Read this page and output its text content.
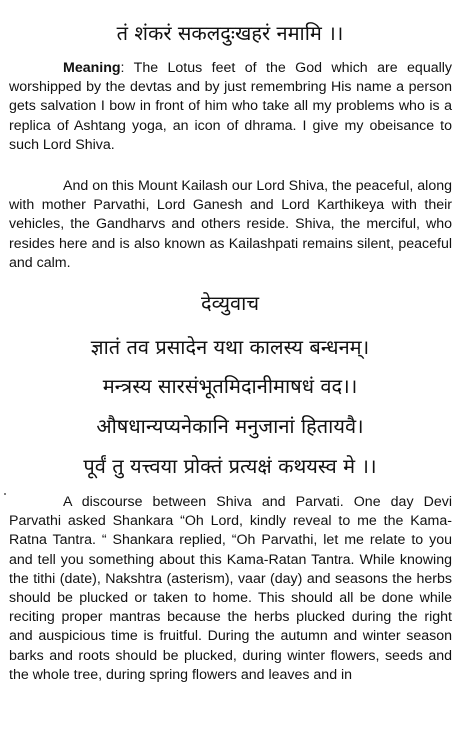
तं शंकरं सकलदुःखहरं नमामि ।।
Meaning: The Lotus feet of the God which are equally worshipped by the devtas and by just remembring His name a person gets salvation I bow in front of him who take all my problems who is a replica of Ashtang yoga, an icon of dhrama. I give my obeisance to such Lord Shiva.
And on this Mount Kailash our Lord Shiva, the peaceful, along with mother Parvathi, Lord Ganesh and Lord Karthikeya with their vehicles, the Gandharvs and others reside. Shiva, the merciful, who resides here and is also known as Kailashpati remains silent, peaceful and calm.
देव्युवाच
ज्ञातं तव प्रसादेन यथा कालस्य बन्धनम्।
मन्त्रस्य सारसंभूतमिदानीमाषधं वद।।
औषधान्यप्यनेकानि मनुजानां हितायवै।
पूर्वं तु यत्त्वया प्रोक्तं प्रत्यक्षं कथयस्व मे ।।
A discourse between Shiva and Parvati. One day Devi Parvathi asked Shankara “Oh Lord, kindly reveal to me the Kama-Ratna Tantra. “ Shankara replied, “Oh Parvathi, let me relate to you and tell you something about this Kama-Ratan Tantra. While knowing the tithi (date), Nakshtra (asterism), vaar (day) and seasons the herbs should be plucked or taken to home. This should all be done while reciting proper mantras because the herbs plucked during the right and auspicious time is fruitful. During the autumn and winter season barks and roots should be plucked, during winter flowers, seeds and the whole tree, during spring flowers and leaves and in
